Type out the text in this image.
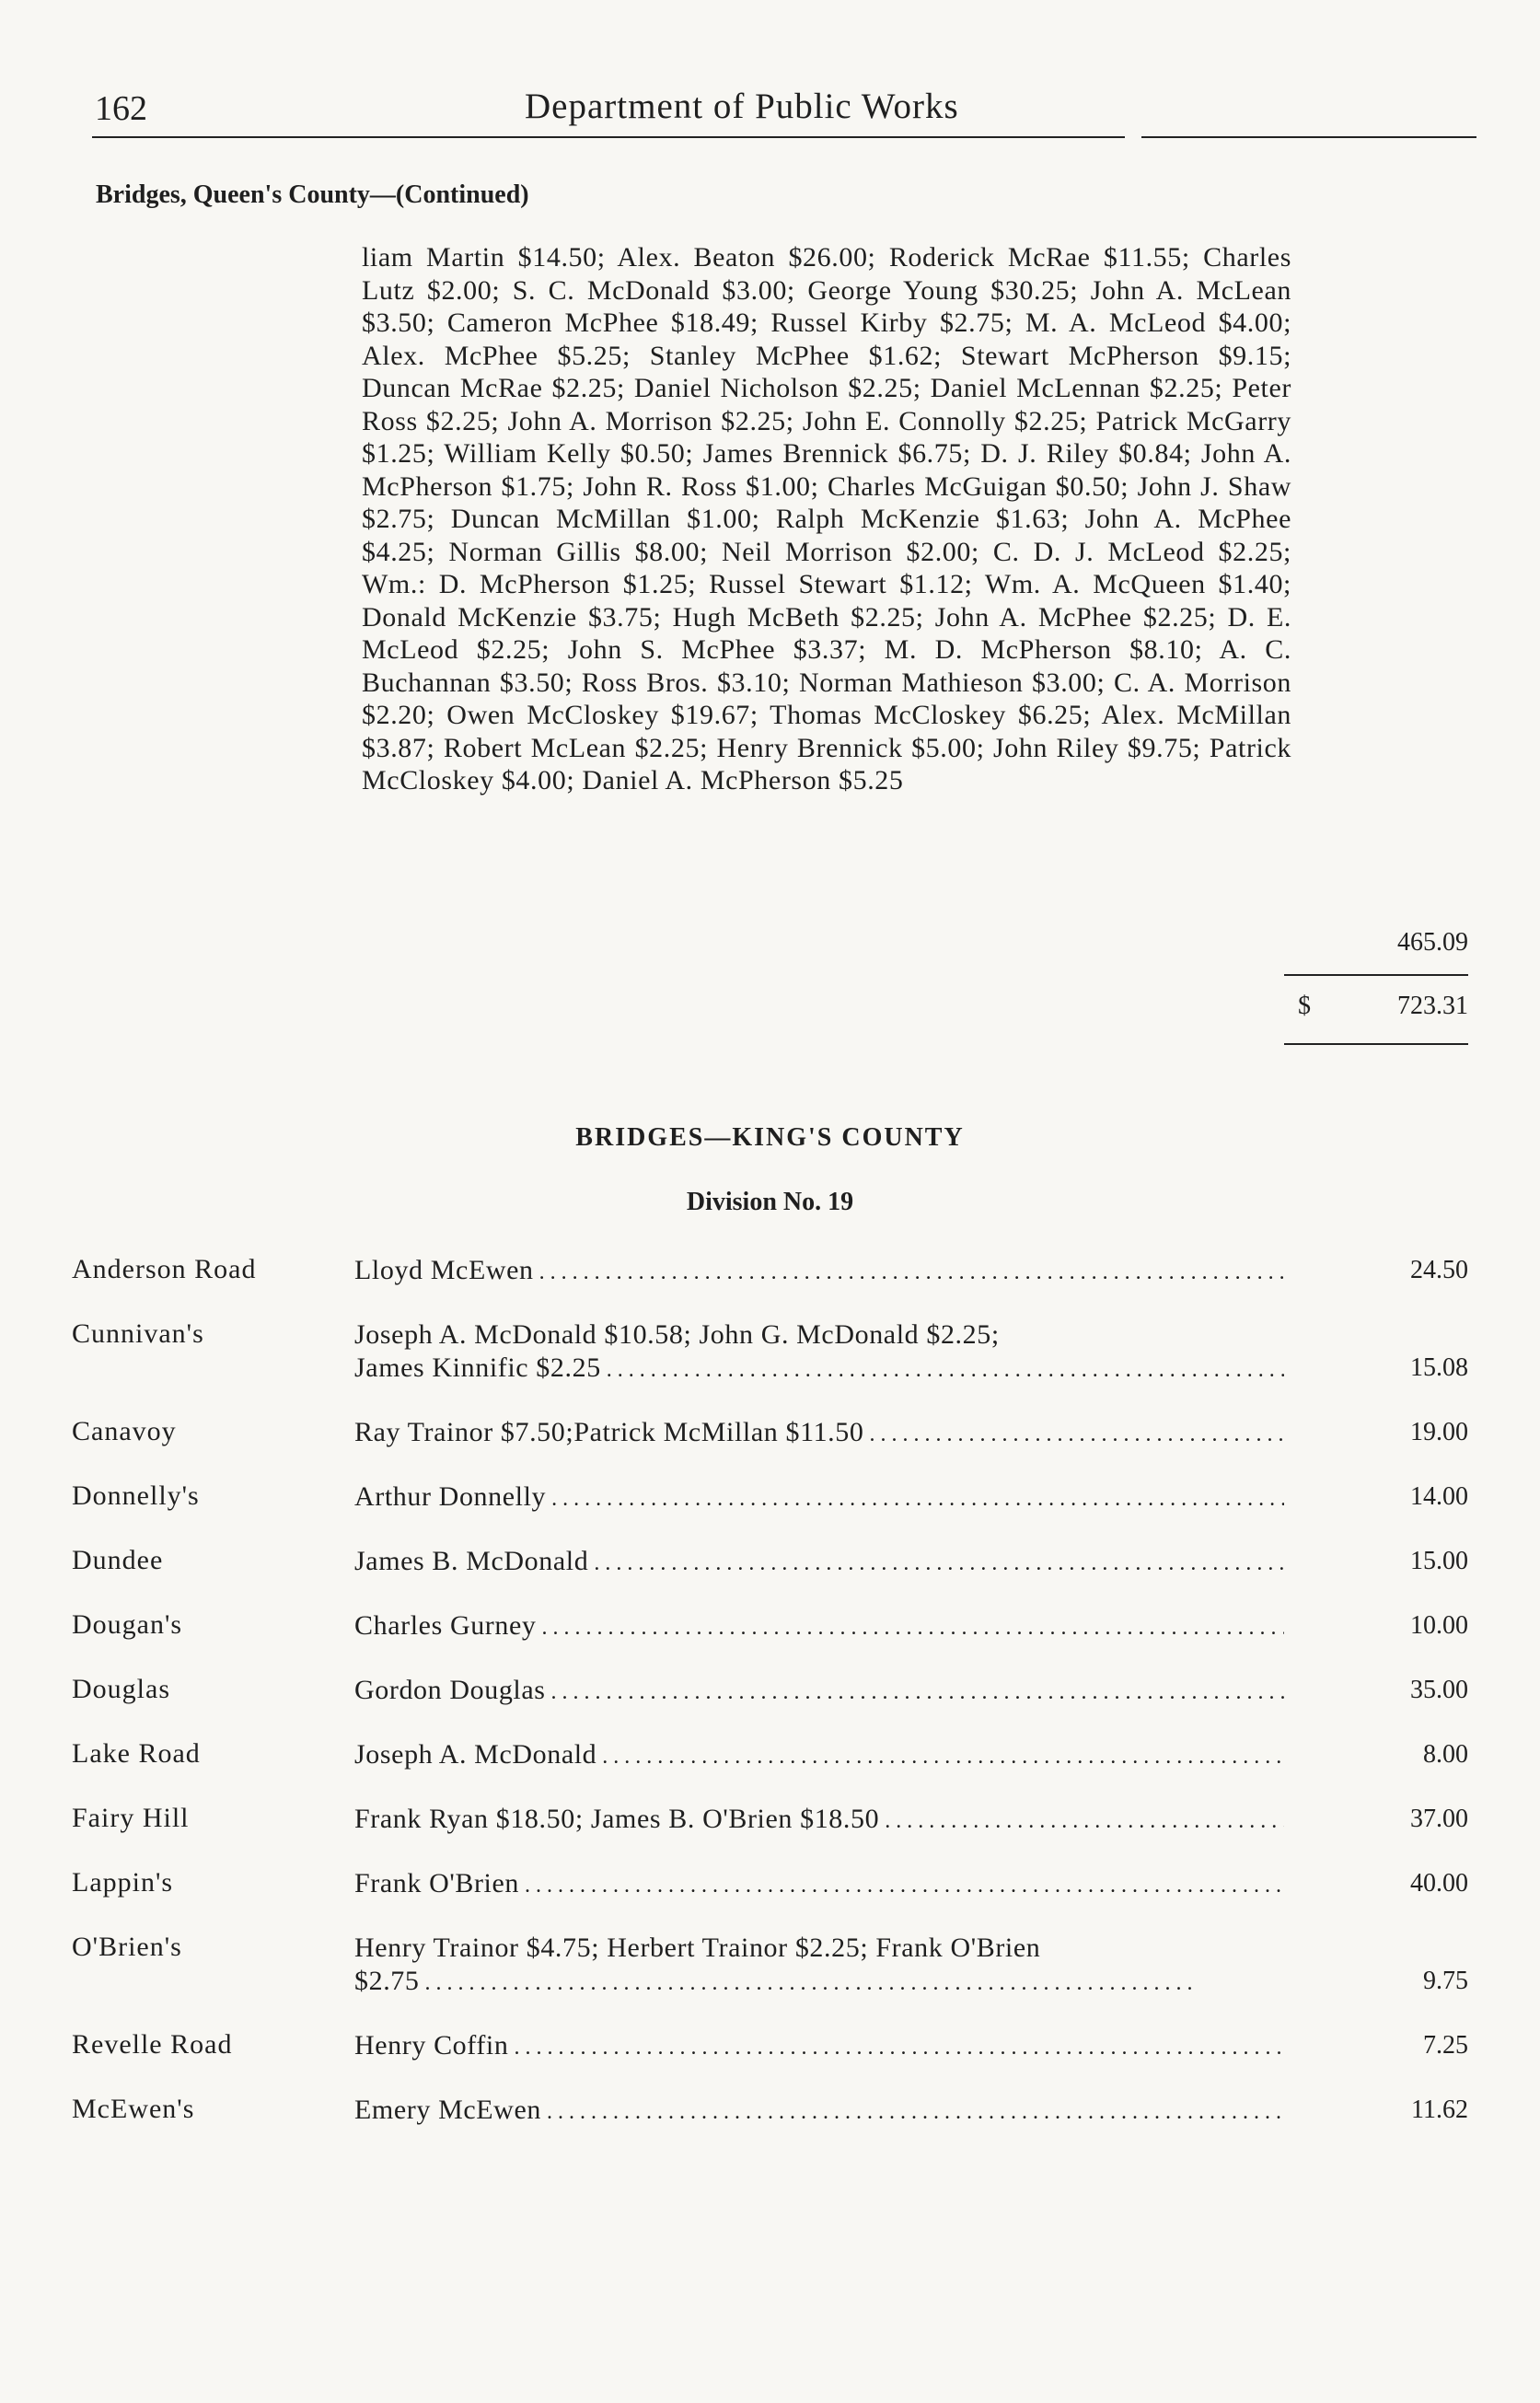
162	Department of Public Works
Bridges, Queen's County—(Continued)
liam Martin $14.50; Alex. Beaton $26.00; Roderick McRae $11.55; Charles Lutz $2.00; S. C. McDonald $3.00; George Young $30.25; John A. McLean $3.50; Cameron McPhee $18.49; Russel Kirby $2.75; M. A. McLeod $4.00; Alex. McPhee $5.25; Stanley McPhee $1.62; Stewart McPherson $9.15; Duncan McRae $2.25; Daniel Nicholson $2.25; Daniel McLennan $2.25; Peter Ross $2.25; John A. Morrison $2.25; John E. Connolly $2.25; Patrick McGarry $1.25; William Kelly $0.50; James Brennick $6.75; D. J. Riley $0.84; John A. McPherson $1.75; John R. Ross $1.00; Charles McGuigan $0.50; John J. Shaw $2.75; Duncan McMillan $1.00; Ralph McKenzie $1.63; John A. McPhee $4.25; Norman Gillis $8.00; Neil Morrison $2.00; C. D. J. McLeod $2.25; Wm.: D. McPherson $1.25; Russel Stewart $1.12; Wm. A. McQueen $1.40; Donald McKenzie $3.75; Hugh McBeth $2.25; John A. McPhee $2.25; D. E. McLeod $2.25; John S. McPhee $3.37; M. D. McPherson $8.10; A. C. Buchannan $3.50; Ross Bros. $3.10; Norman Mathieson $3.00; C. A. Morrison $2.20; Owen McCloskey $19.67; Thomas McCloskey $6.25; Alex. McMillan $3.87; Robert McLean $2.25; Henry Brennick $5.00; John Riley $9.75; Patrick McCloskey $4.00; Daniel A. McPherson $5.25
465.09
$	723.31
BRIDGES—KING'S COUNTY
Division No. 19
Anderson Road	Lloyd McEwen . . .	24.50
Cunnivan's	Joseph A. McDonald $10.58; John G. McDonald $2.25;
James Kinnific $2.25 . . .	15.08
Canavoy	Ray Trainor $7.50;Patrick McMillan $11.50 . . .	19.00
Donnelly's	Arthur Donnelly . . .	14.00
Dundee	James B. McDonald . . .	15.00
Dougan's	Charles Gurney . . .	10.00
Douglas	Gordon Douglas . . .	35.00
Lake Road	Joseph A. McDonald . . .	8.00
Fairy Hill	Frank Ryan $18.50; James B. O'Brien $18.50 . . .	37.00
Lappin's	Frank O'Brien . . .	40.00
O'Brien's	Henry Trainor $4.75; Herbert Trainor $2.25; Frank O'Brien
$2.75 . . .	9.75
Revelle Road	Henry Coffin . . .	7.25
McEwen's	Emery McEwen . . .	11.62
